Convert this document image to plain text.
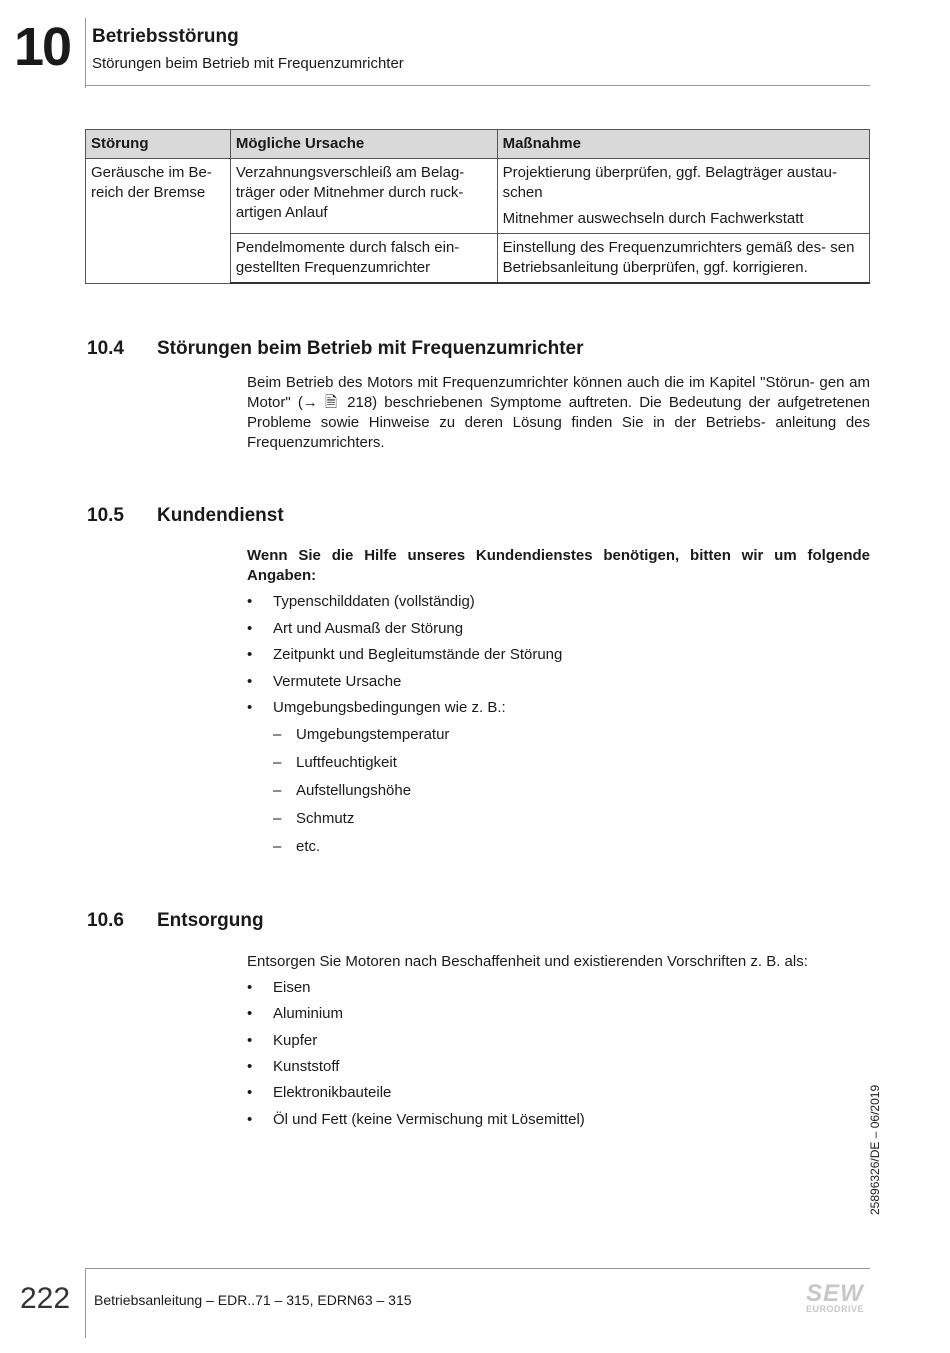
10 Betriebsstörung
Störungen beim Betrieb mit Frequenzumrichter
Störung	Mögliche Ursache	Maßnahme
Geräusche im Be- reich der Bremse	Verzahnungsverschleiß am Belag- träger oder Mitnehmer durch ruck- artigen Anlauf	Projektierung überprüfen, ggf. Belagträger austau- schen

Mitnehmer auswechseln durch Fachwerkstatt

	Pendelmomente durch falsch ein- gestellten Frequenzumrichter	Einstellung des Frequenzumrichters gemäß des- sen Betriebsanleitung überprüfen, ggf. korrigieren.

10.4 Störungen beim Betrieb mit Frequenzumrichter
Beim Betrieb des Motors mit Frequenzumrichter können auch die im Kapitel "Störun- gen am Motor" (→ 🗎 218) beschriebenen Symptome auftreten. Die Bedeutung der aufgetretenen Probleme sowie Hinweise zu deren Lösung finden Sie in der Betriebs- anleitung des Frequenzumrichters.
10.5 Kundendienst
Wenn Sie die Hilfe unseres Kundendienstes benötigen, bitten wir um folgende Angaben:
• Typenschilddaten (vollständig)
• Art und Ausmaß der Störung
• Zeitpunkt und Begleitumstände der Störung
• Vermutete Ursache
• Umgebungsbedingungen wie z. B.:
– Umgebungstemperatur
– Luftfeuchtigkeit
– Aufstellungshöhe
– Schmutz
– etc.
10.6 Entsorgung
Entsorgen Sie Motoren nach Beschaffenheit und existierenden Vorschriften z. B. als:
• Eisen
• Aluminium
• Kupfer
• Kunststoff
• Elektronikbauteile
• Öl und Fett (keine Vermischung mit Lösemittel)	25896326/DE – 06/2019
222 Betriebsanleitung – EDR..71 – 315, EDRN63 – 315	SEW
EURODRIVE
